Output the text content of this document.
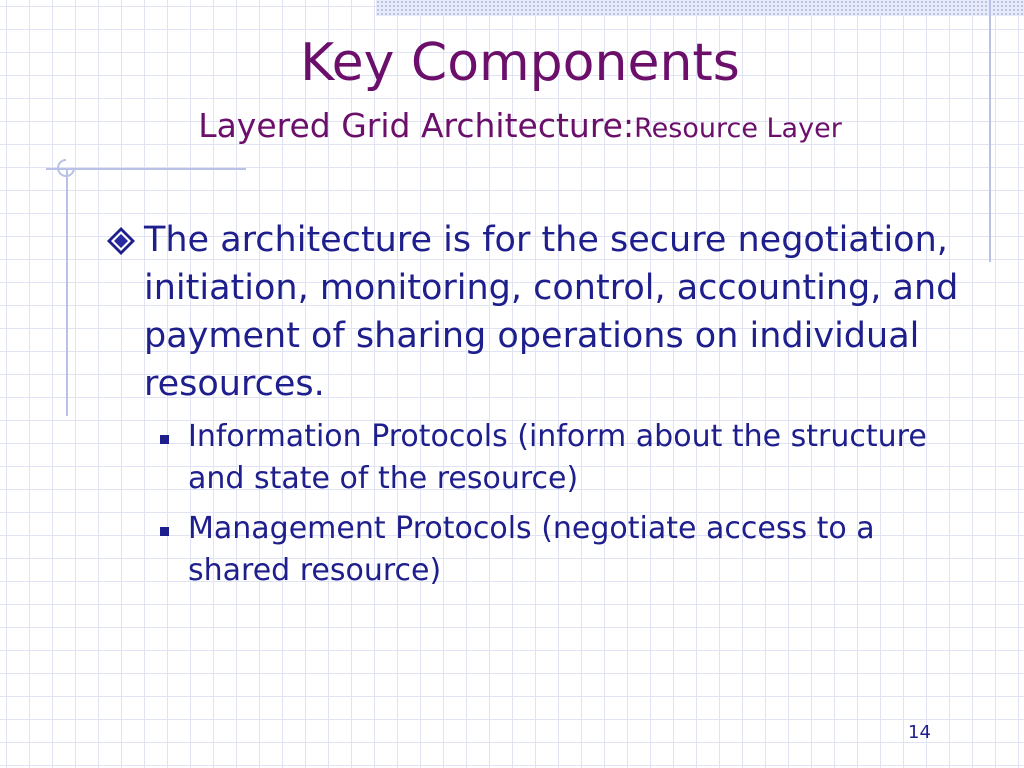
Key Components
Layered Grid Architecture:Resource Layer
The architecture is for the secure negotiation, initiation, monitoring, control, accounting, and payment of sharing operations on individual resources.
Information Protocols (inform about the structure and state of the resource)
Management Protocols (negotiate access to a shared resource)
14
